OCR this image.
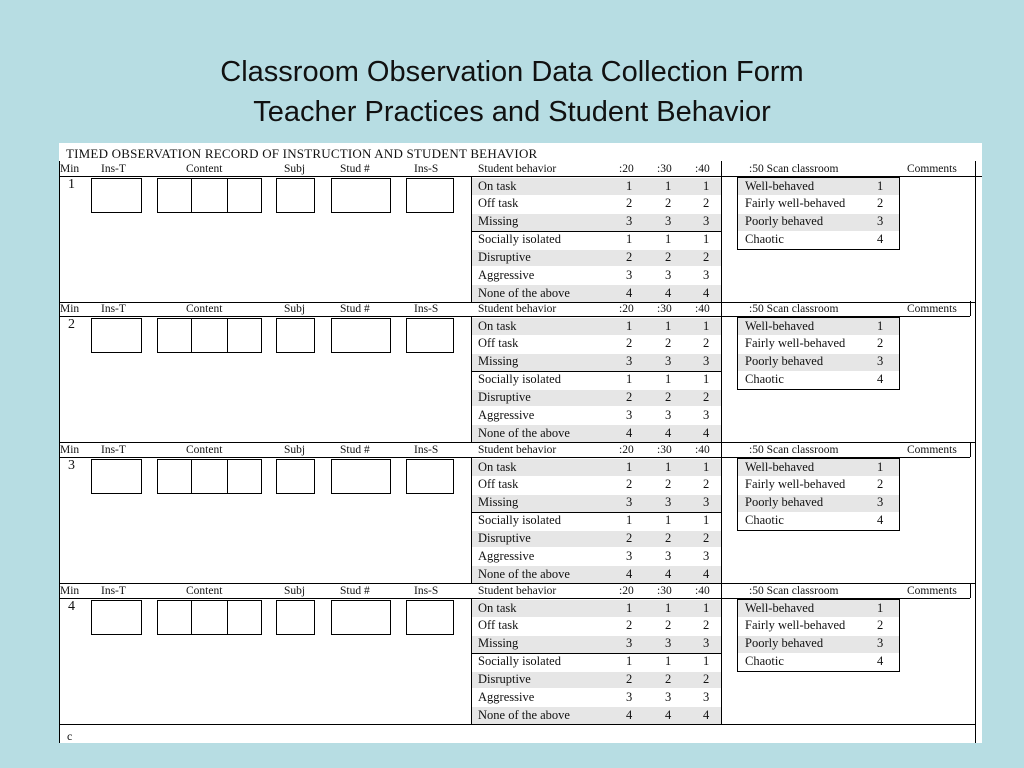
Classroom Observation Data Collection Form
Teacher Practices and Student Behavior
TIMED OBSERVATION RECORD OF INSTRUCTION AND STUDENT BEHAVIOR
Min Ins-T	Content	Subj	Stud #	Ins-S	Student behavior	:20 :30 :40	:50 Scan classroom	Comments
1	On task	1	1	1
Off task	2	2	2
Missing	3	3	3
Socially isolated	1	1	1
Disruptive	2	2	2
Aggressive	3	3	3
None of the above	4	4	4
Well-behaved	1
Fairly well-behaved	2
Poorly behaved	3
Chaotic	4
Min Ins-T	Content	Subj	Stud #	Ins-S	Student behavior	:20 :30 :40	:50 Scan classroom	Comments
2	On task	1	1	1
Off task	2	2	2
Missing	3	3	3
Socially isolated	1	1	1
Disruptive	2	2	2
Aggressive	3	3	3
None of the above	4	4	4
Well-behaved	1
Fairly well-behaved	2
Poorly behaved	3
Chaotic	4
Min Ins-T	Content	Subj	Stud #	Ins-S	Student behavior	:20 :30 :40	:50 Scan classroom	Comments
3	On task	1	1	1
Off task	2	2	2
Missing	3	3	3
Socially isolated	1	1	1
Disruptive	2	2	2
Aggressive	3	3	3
None of the above	4	4	4
Well-behaved	1
Fairly well-behaved	2
Poorly behaved	3
Chaotic	4
Min Ins-T	Content	Subj	Stud #	Ins-S	Student behavior	:20 :30 :40	:50 Scan classroom	Comments
4	On task	1	1	1
Off task	2	2	2
Missing	3	3	3
Socially isolated	1	1	1
Disruptive	2	2	2
Aggressive	3	3	3
None of the above	4	4	4
Well-behaved	1
Fairly well-behaved	2
Poorly behaved	3
Chaotic	4
c
